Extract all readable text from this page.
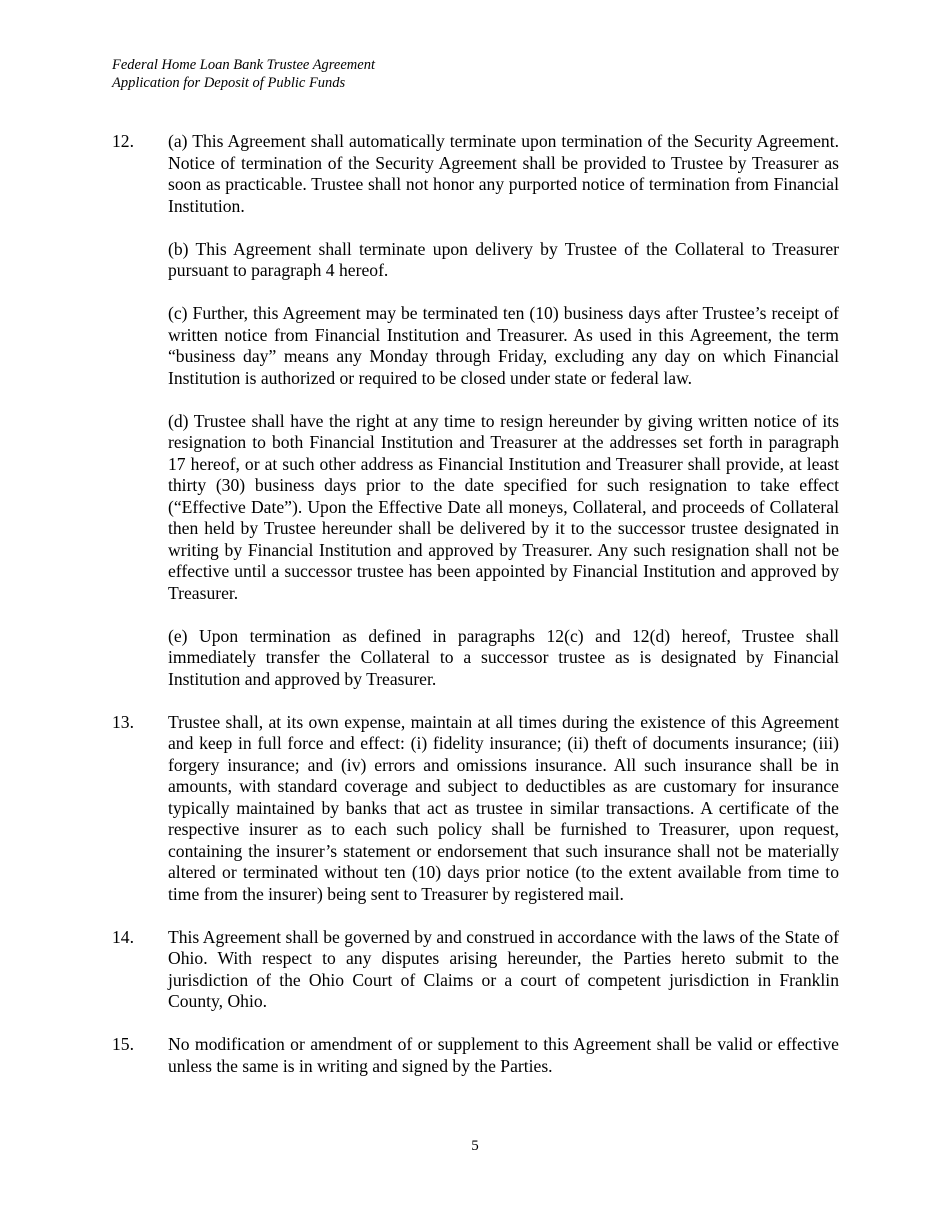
Federal Home Loan Bank Trustee Agreement
Application for Deposit of Public Funds
12. (a) This Agreement shall automatically terminate upon termination of the Security Agreement. Notice of termination of the Security Agreement shall be provided to Trustee by Treasurer as soon as practicable. Trustee shall not honor any purported notice of termination from Financial Institution.

(b) This Agreement shall terminate upon delivery by Trustee of the Collateral to Treasurer pursuant to paragraph 4 hereof.

(c) Further, this Agreement may be terminated ten (10) business days after Trustee’s receipt of written notice from Financial Institution and Treasurer. As used in this Agreement, the term “business day” means any Monday through Friday, excluding any day on which Financial Institution is authorized or required to be closed under state or federal law.

(d) Trustee shall have the right at any time to resign hereunder by giving written notice of its resignation to both Financial Institution and Treasurer at the addresses set forth in paragraph 17 hereof, or at such other address as Financial Institution and Treasurer shall provide, at least thirty (30) business days prior to the date specified for such resignation to take effect (“Effective Date”). Upon the Effective Date all moneys, Collateral, and proceeds of Collateral then held by Trustee hereunder shall be delivered by it to the successor trustee designated in writing by Financial Institution and approved by Treasurer. Any such resignation shall not be effective until a successor trustee has been appointed by Financial Institution and approved by Treasurer.

(e) Upon termination as defined in paragraphs 12(c) and 12(d) hereof, Trustee shall immediately transfer the Collateral to a successor trustee as is designated by Financial Institution and approved by Treasurer.

13. Trustee shall, at its own expense, maintain at all times during the existence of this Agreement and keep in full force and effect: (i) fidelity insurance; (ii) theft of documents insurance; (iii) forgery insurance; and (iv) errors and omissions insurance. All such insurance shall be in amounts, with standard coverage and subject to deductibles as are customary for insurance typically maintained by banks that act as trustee in similar transactions. A certificate of the respective insurer as to each such policy shall be furnished to Treasurer, upon request, containing the insurer’s statement or endorsement that such insurance shall not be materially altered or terminated without ten (10) days prior notice (to the extent available from time to time from the insurer) being sent to Treasurer by registered mail.

14. This Agreement shall be governed by and construed in accordance with the laws of the State of Ohio. With respect to any disputes arising hereunder, the Parties hereto submit to the jurisdiction of the Ohio Court of Claims or a court of competent jurisdiction in Franklin County, Ohio.

15. No modification or amendment of or supplement to this Agreement shall be valid or effective unless the same is in writing and signed by the Parties.

5
